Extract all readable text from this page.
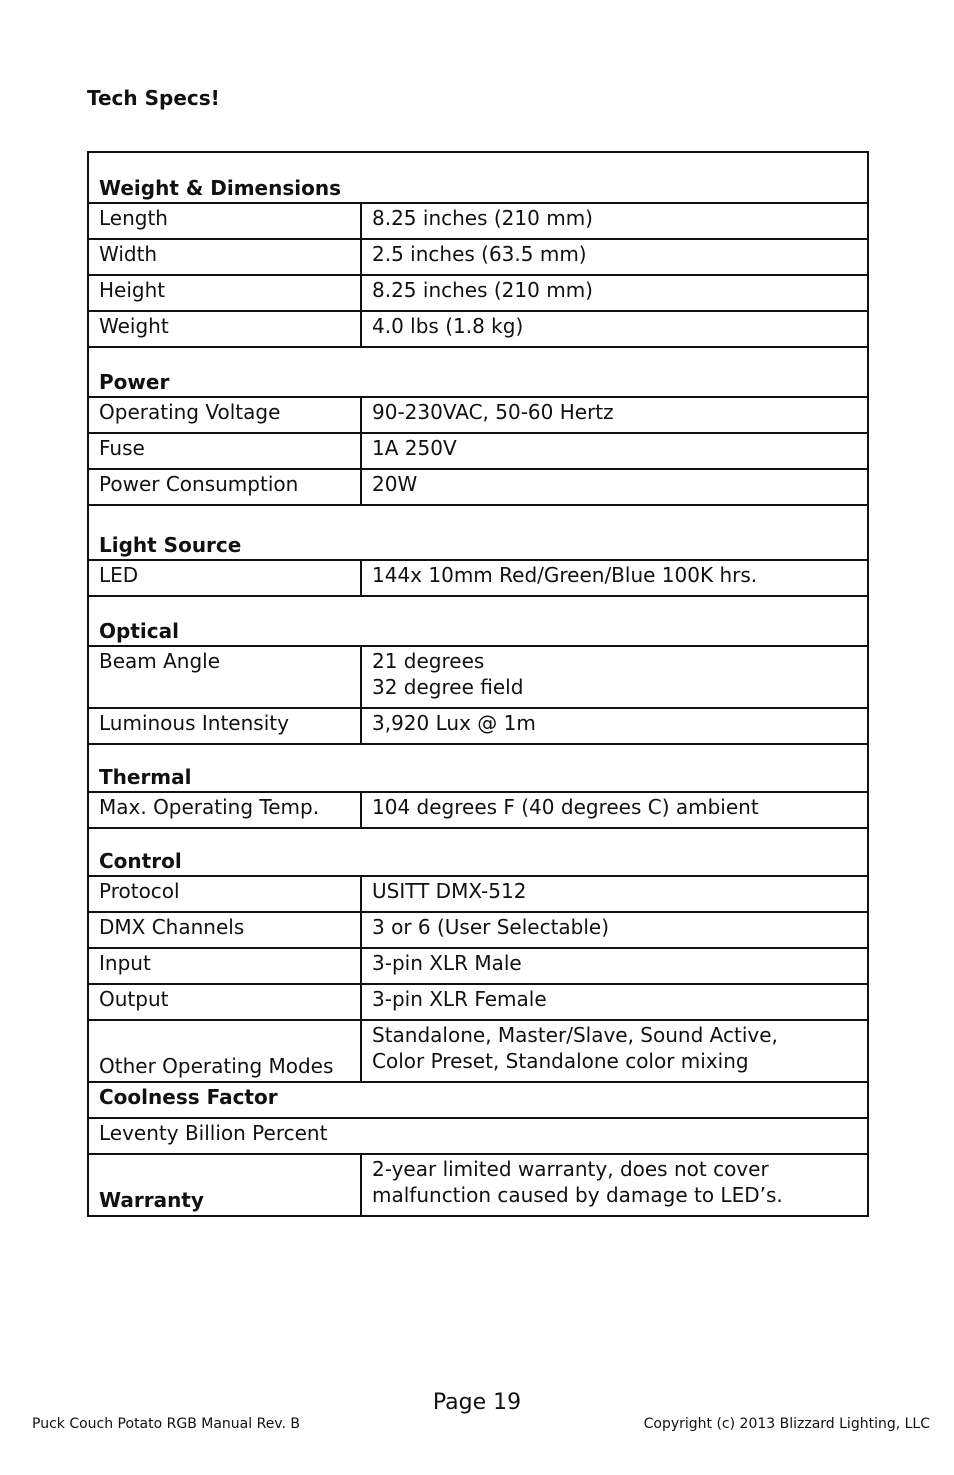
Tech Specs!
Weight & Dimensions	
Length	8.25 inches (210 mm)
Width	2.5 inches (63.5 mm)
Height	8.25 inches (210 mm)
Weight	4.0 lbs (1.8 kg)
Power	
Operating Voltage	90-230VAC, 50-60 Hertz
Fuse	1A 250V
Power Consumption	20W
Light Source	
LED	144x 10mm Red/Green/Blue 100K hrs.
Optical	
Beam Angle	21 degrees
32 degree field

Luminous Intensity	3,920 Lux @ 1m
Thermal	
Max. Operating Temp.	104 degrees F (40 degrees C) ambient
Control	
Protocol	USITT DMX-512
DMX Channels	3 or 6 (User Selectable)
Input	3-pin XLR Male
Output	3-pin XLR Female
Other Operating Modes	Standalone, Master/Slave, Sound Active,
Color Preset, Standalone color mixing

Coolness Factor	
Leventy Billion Percent	
Warranty	2-year limited warranty, does not cover
malfunction caused by damage to LED’s.
Page 19
Puck Couch Potato RGB Manual Rev. B	Copyright (c) 2013 Blizzard Lighting, LLC
